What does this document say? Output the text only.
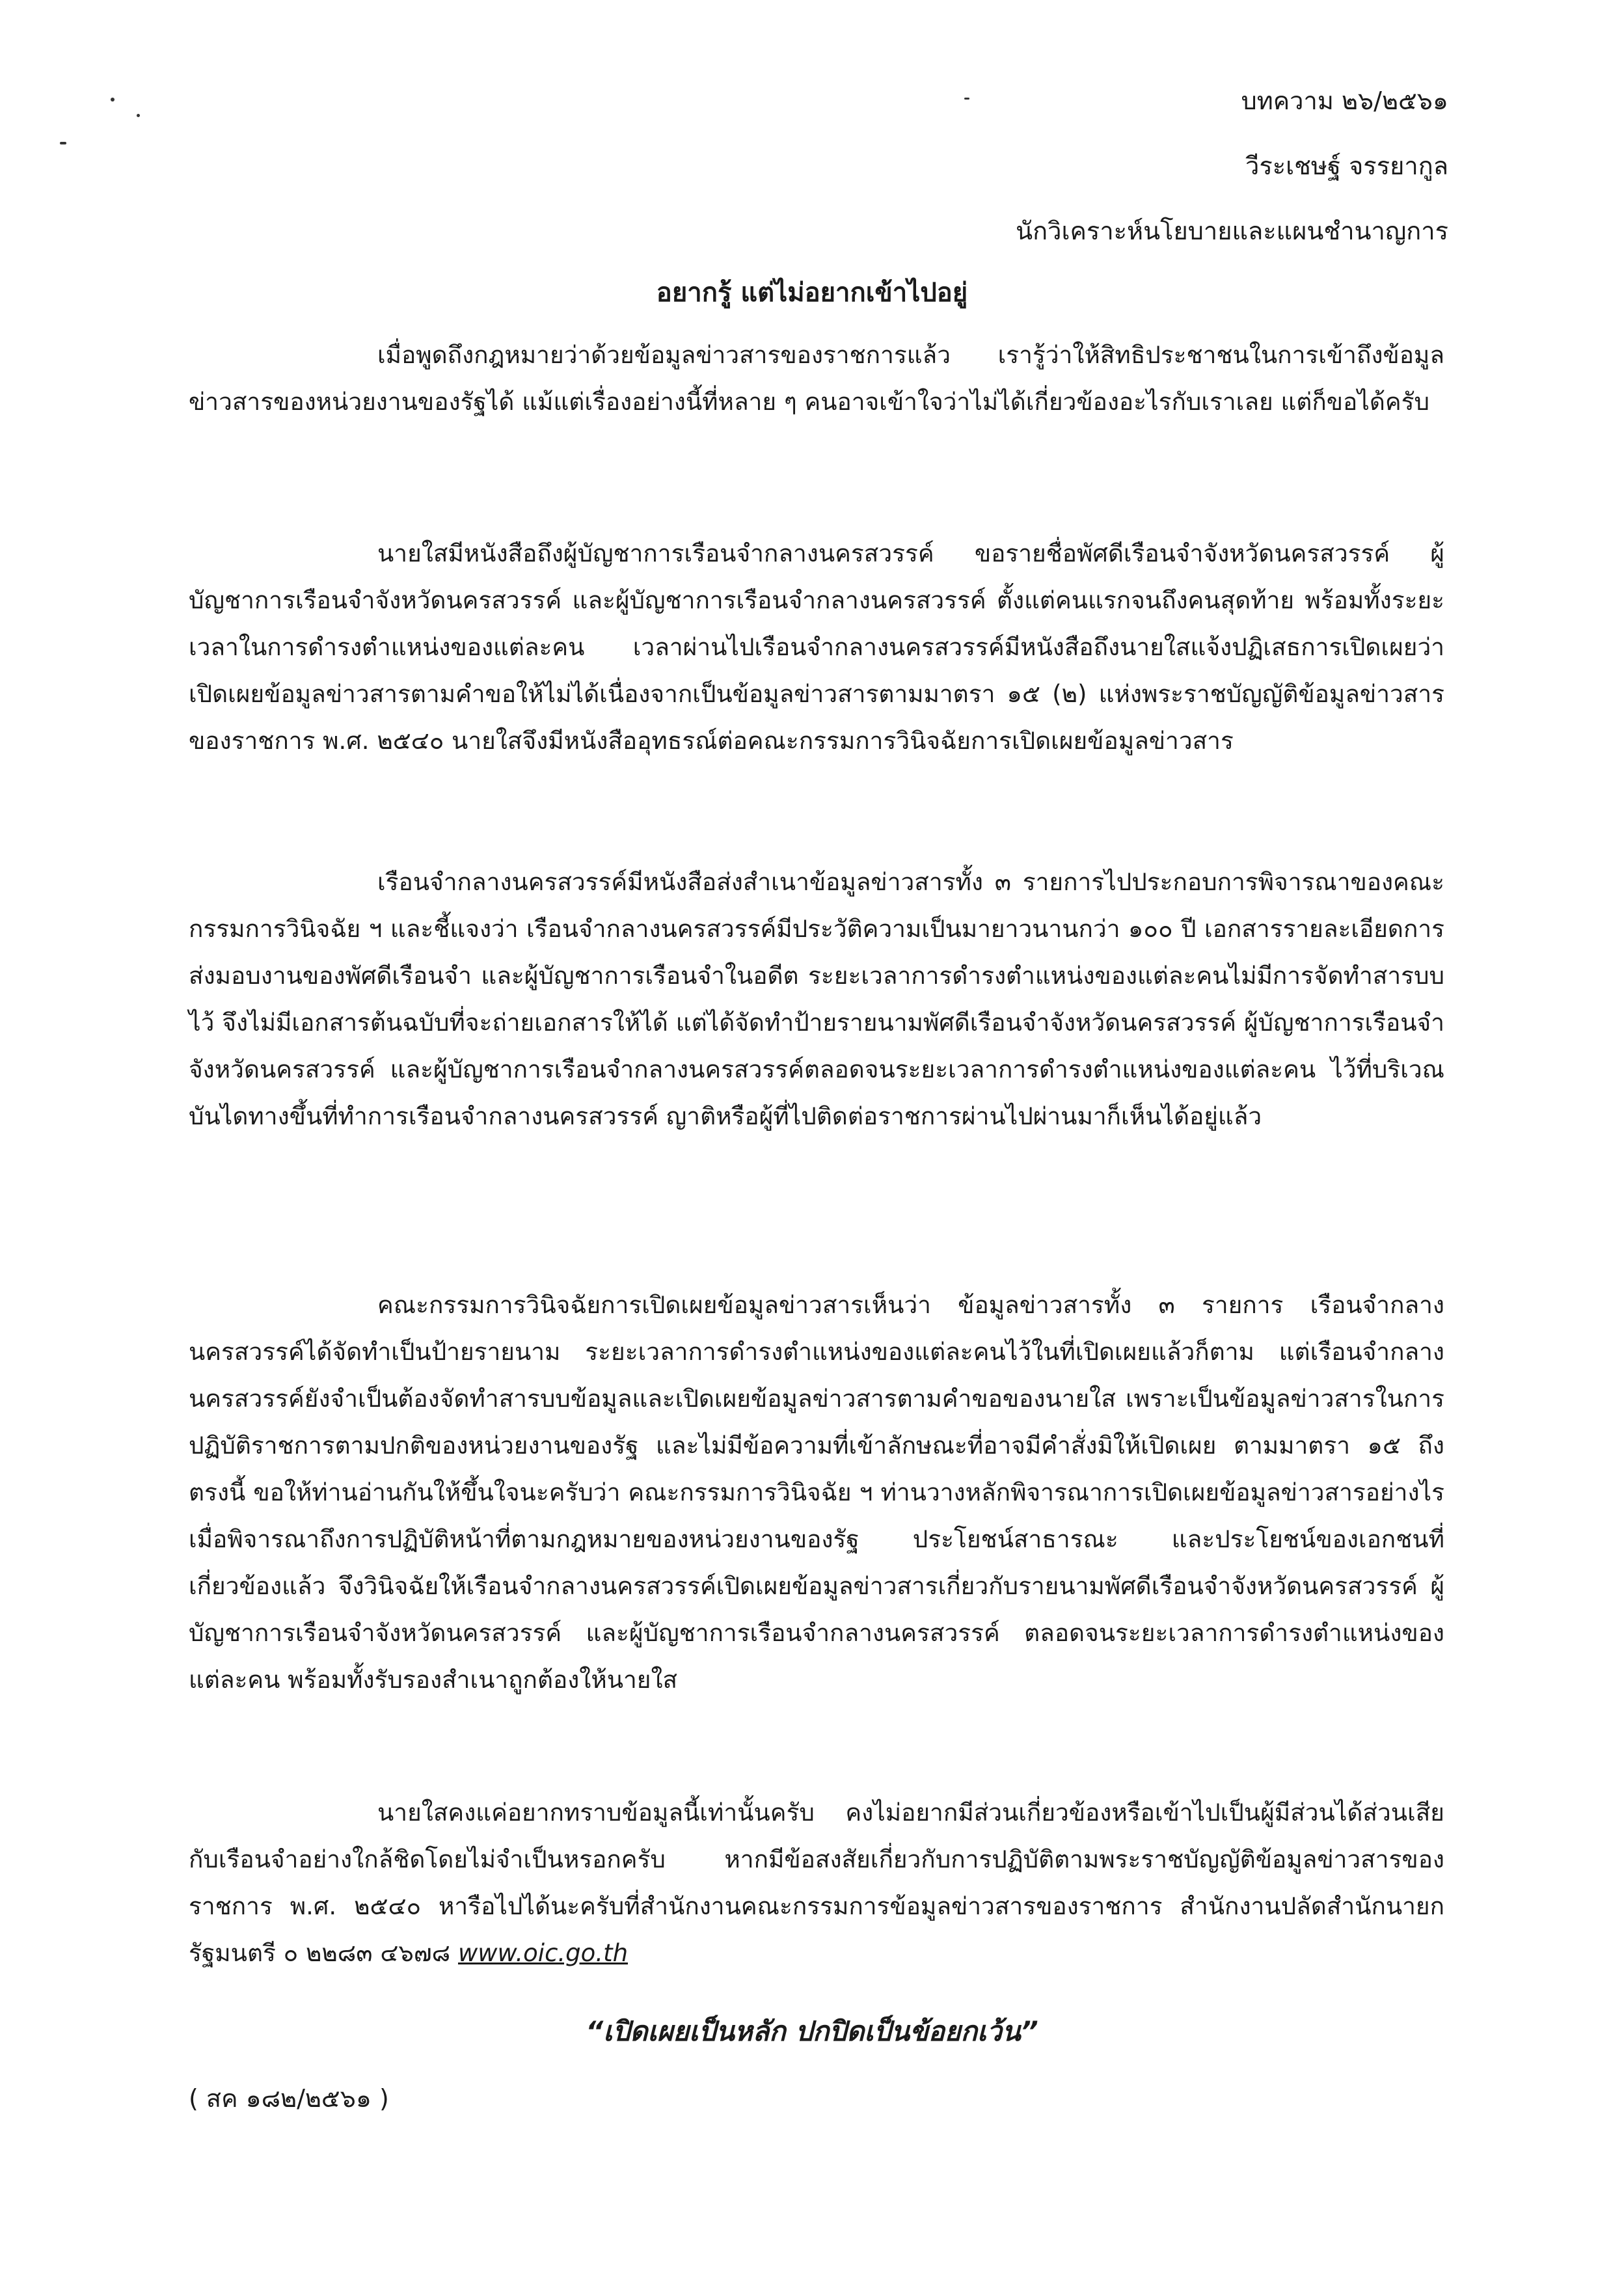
บทความ ๒๖/๒๕๖๑
วีระเชษฐ์ จรรยากูล
นักวิเคราะห์นโยบายและแผนชำนาญการ
อยากรู้ แต่ไม่อยากเข้าไปอยู่

เมื่อพูดถึงกฎหมายว่าด้วยข้อมูลข่าวสารของราชการแล้ว เรารู้ว่าให้สิทธิประชาชนในการเข้าถึงข้อมูลข่าวสารของหน่วยงานของรัฐได้ แม้แต่เรื่องอย่างนี้ที่หลาย ๆ คนอาจเข้าใจว่าไม่ได้เกี่ยวข้องอะไรกับเราเลย แต่ก็ขอได้ครับ

นายใสมีหนังสือถึงผู้บัญชาการเรือนจำกลางนครสวรรค์ ขอรายชื่อพัศดีเรือนจำจังหวัดนครสวรรค์ ผู้บัญชาการเรือนจำจังหวัดนครสวรรค์ และผู้บัญชาการเรือนจำกลางนครสวรรค์ ตั้งแต่คนแรกจนถึงคนสุดท้าย พร้อมทั้งระยะเวลาในการดำรงตำแหน่งของแต่ละคน เวลาผ่านไปเรือนจำกลางนครสวรรค์มีหนังสือถึงนายใสแจ้งปฏิเสธการเปิดเผยว่า เปิดเผยข้อมูลข่าวสารตามคำขอให้ไม่ได้เนื่องจากเป็นข้อมูลข่าวสารตามมาตรา ๑๕ (๒) แห่งพระราชบัญญัติข้อมูลข่าวสารของราชการ พ.ศ. ๒๕๔๐ นายใสจึงมีหนังสืออุทธรณ์ต่อคณะกรรมการวินิจฉัยการเปิดเผยข้อมูลข่าวสาร

เรือนจำกลางนครสวรรค์มีหนังสือส่งสำเนาข้อมูลข่าวสารทั้ง ๓ รายการไปประกอบการพิจารณาของคณะกรรมการวินิจฉัย ฯ และชี้แจงว่า เรือนจำกลางนครสวรรค์มีประวัติความเป็นมายาวนานกว่า ๑๐๐ ปี เอกสารรายละเอียดการส่งมอบงานของพัศดีเรือนจำ และผู้บัญชาการเรือนจำในอดีต ระยะเวลาการดำรงตำแหน่งของแต่ละคนไม่มีการจัดทำสารบบไว้ จึงไม่มีเอกสารต้นฉบับที่จะถ่ายเอกสารให้ได้ แต่ได้จัดทำป้ายรายนามพัศดีเรือนจำจังหวัดนครสวรรค์ ผู้บัญชาการเรือนจำจังหวัดนครสวรรค์ และผู้บัญชาการเรือนจำกลางนครสวรรค์ตลอดจนระยะเวลาการดำรงตำแหน่งของแต่ละคน ไว้ที่บริเวณบันไดทางขึ้นที่ทำการเรือนจำกลางนครสวรรค์ ญาติหรือผู้ที่ไปติดต่อราชการผ่านไปผ่านมาก็เห็นได้อยู่แล้ว

คณะกรรมการวินิจฉัยการเปิดเผยข้อมูลข่าวสารเห็นว่า ข้อมูลข่าวสารทั้ง ๓ รายการ เรือนจำกลางนครสวรรค์ได้จัดทำเป็นป้ายรายนาม ระยะเวลาการดำรงตำแหน่งของแต่ละคนไว้ในที่เปิดเผยแล้วก็ตาม แต่เรือนจำกลางนครสวรรค์ยังจำเป็นต้องจัดทำสารบบข้อมูลและเปิดเผยข้อมูลข่าวสารตามคำขอของนายใส เพราะเป็นข้อมูลข่าวสารในการปฏิบัติราชการตามปกติของหน่วยงานของรัฐ และไม่มีข้อความที่เข้าลักษณะที่อาจมีคำสั่งมิให้เปิดเผย ตามมาตรา ๑๕ ถึงตรงนี้ ขอให้ท่านอ่านกันให้ขึ้นใจนะครับว่า คณะกรรมการวินิจฉัย ฯ ท่านวางหลักพิจารณาการเปิดเผยข้อมูลข่าวสารอย่างไร เมื่อพิจารณาถึงการปฏิบัติหน้าที่ตามกฎหมายของหน่วยงานของรัฐ ประโยชน์สาธารณะ และประโยชน์ของเอกชนที่เกี่ยวข้องแล้ว จึงวินิจฉัยให้เรือนจำกลางนครสวรรค์เปิดเผยข้อมูลข่าวสารเกี่ยวกับรายนามพัศดีเรือนจำจังหวัดนครสวรรค์ ผู้บัญชาการเรือนจำจังหวัดนครสวรรค์ และผู้บัญชาการเรือนจำกลางนครสวรรค์ ตลอดจนระยะเวลาการดำรงตำแหน่งของแต่ละคน พร้อมทั้งรับรองสำเนาถูกต้องให้นายใส

นายใสคงแค่อยากทราบข้อมูลนี้เท่านั้นครับ คงไม่อยากมีส่วนเกี่ยวข้องหรือเข้าไปเป็นผู้มีส่วนได้ส่วนเสียกับเรือนจำอย่างใกล้ชิดโดยไม่จำเป็นหรอกครับ หากมีข้อสงสัยเกี่ยวกับการปฏิบัติตามพระราชบัญญัติข้อมูลข่าวสารของราชการ พ.ศ. ๒๕๔๐ หารือไปได้นะครับที่สำนักงานคณะกรรมการข้อมูลข่าวสารของราชการ สำนักงานปลัดสำนักนายกรัฐมนตรี ๐ ๒๒๘๓ ๔๖๗๘ www.oic.go.th

“เปิดเผยเป็นหลัก ปกปิดเป็นข้อยกเว้น”
( สค ๑๘๒/๒๕๖๑ )
